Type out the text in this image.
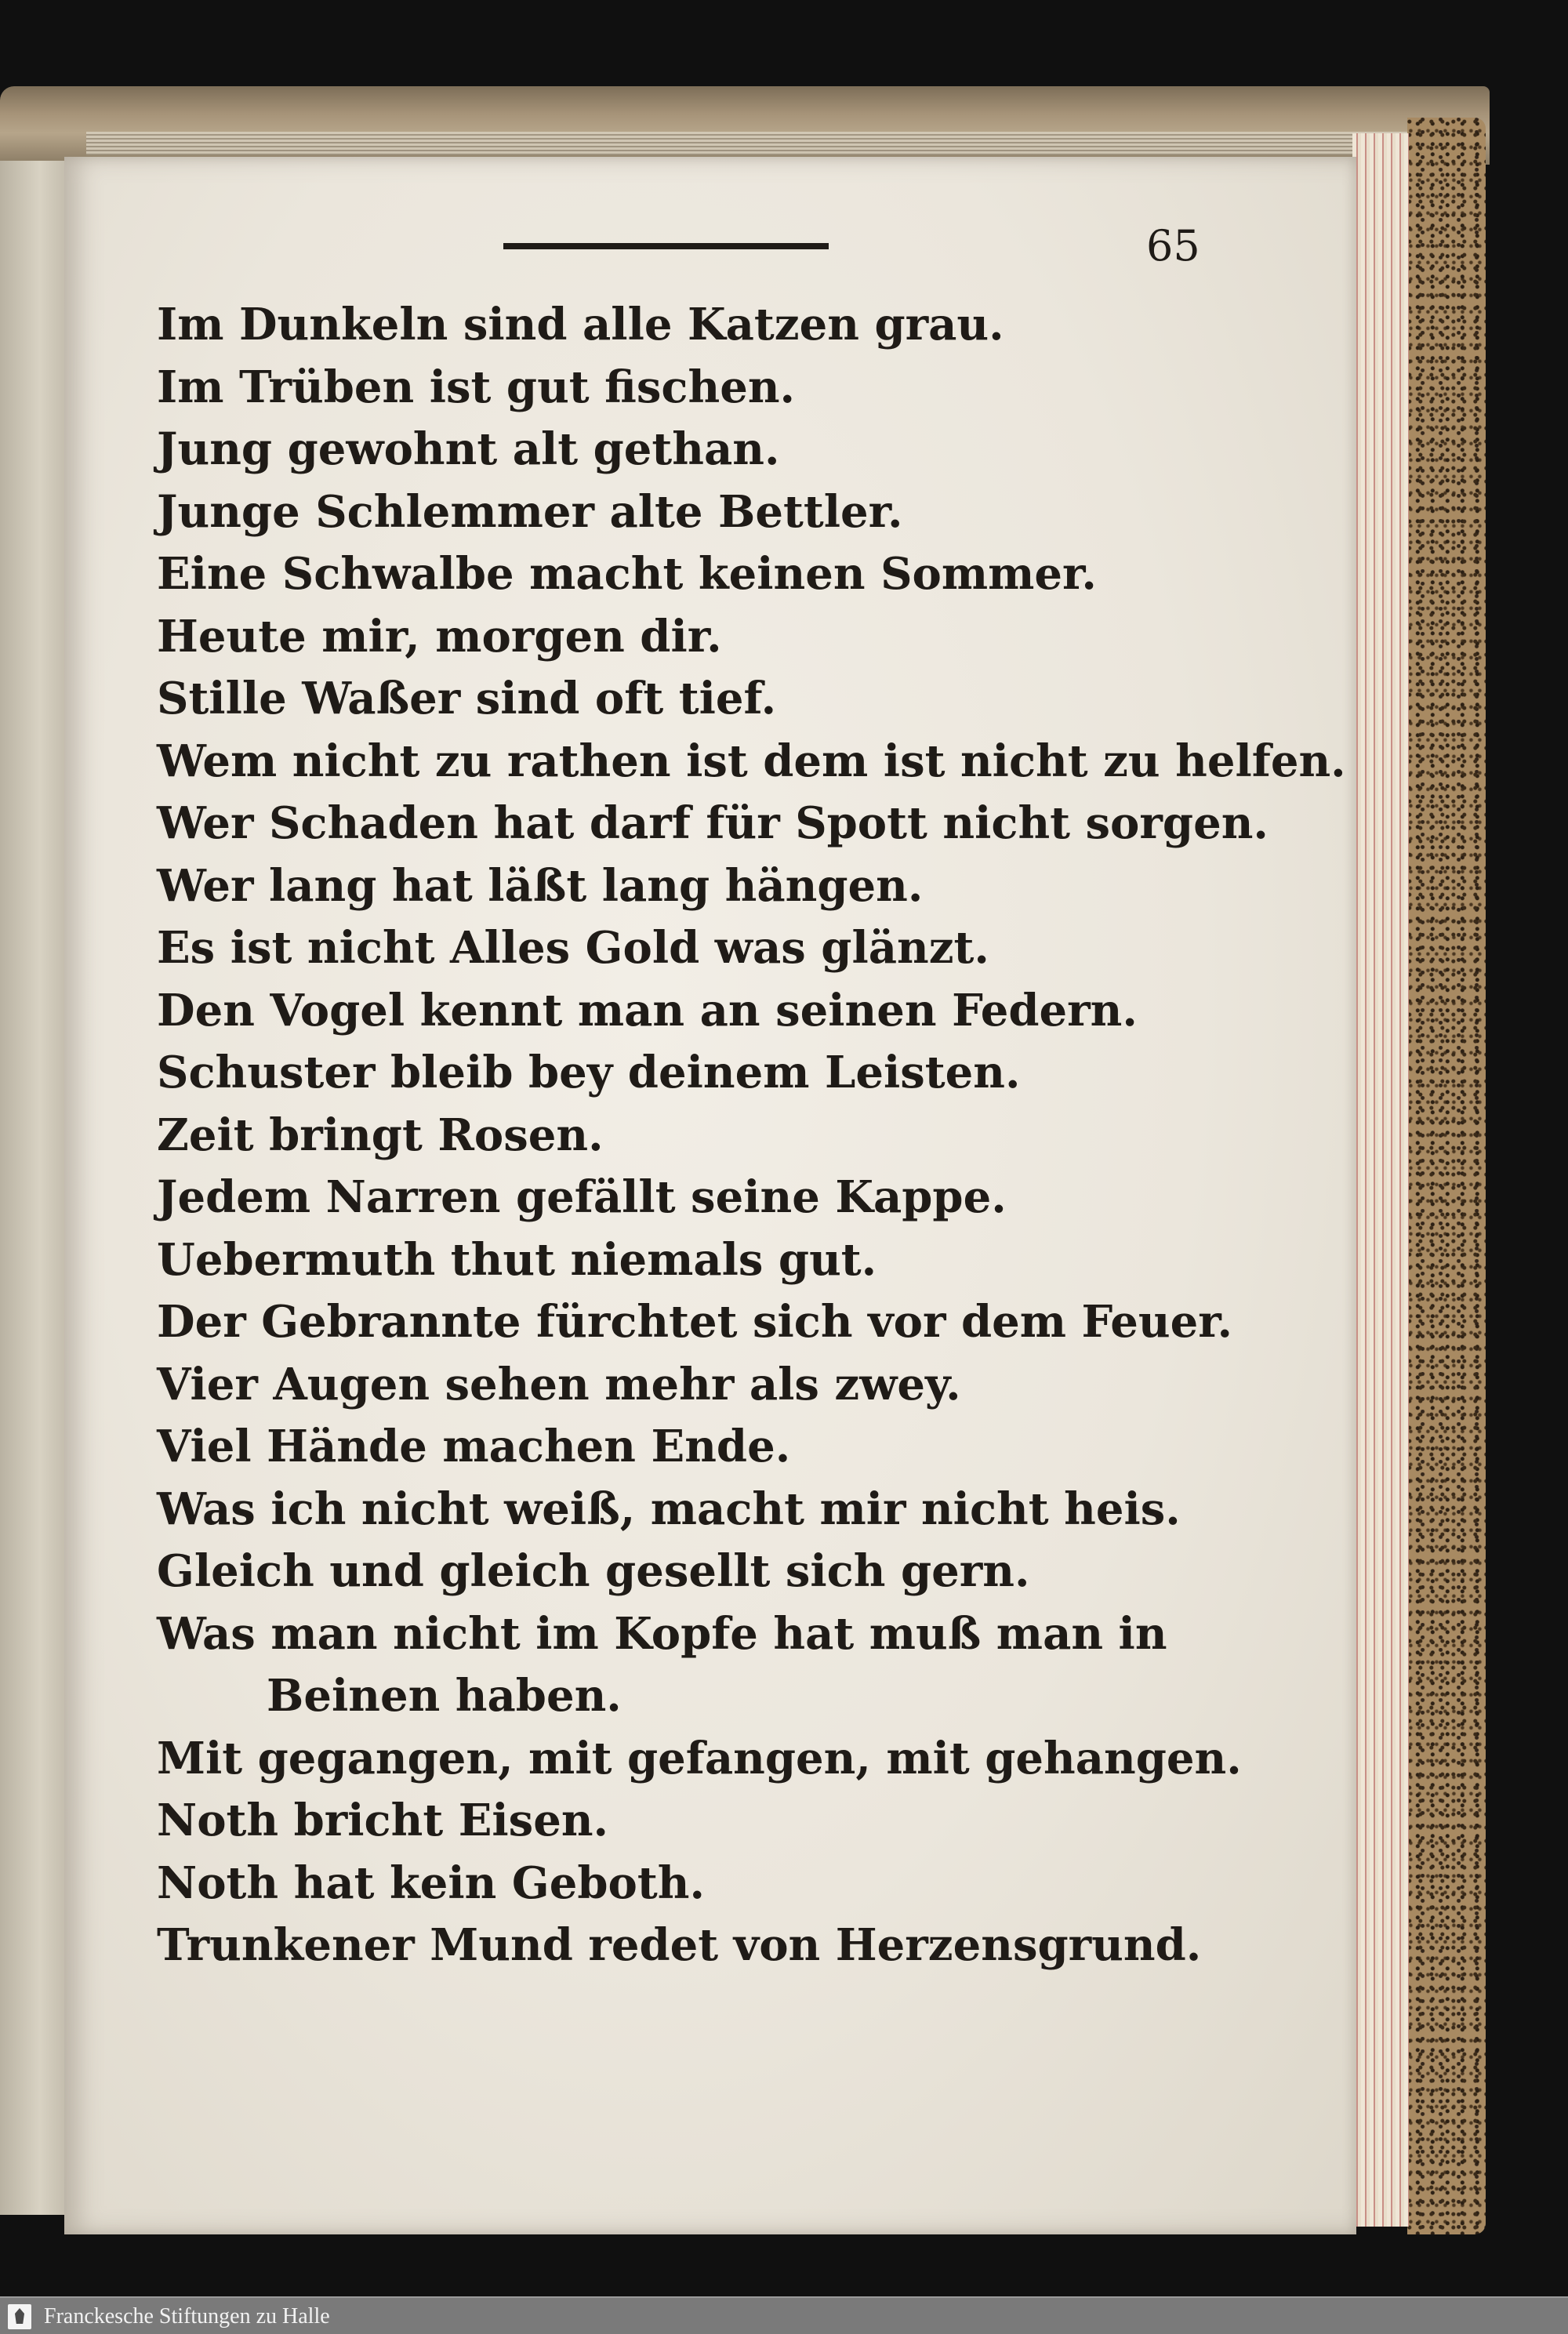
65
Im Dunkeln sind alle Katzen grau.
Im Trüben ist gut fischen.
Jung gewohnt alt gethan.
Junge Schlemmer alte Bettler.
Eine Schwalbe macht keinen Sommer.
Heute mir, morgen dir.
Stille Waßer sind oft tief.
Wem nicht zu rathen ist dem ist nicht zu helfen.
Wer Schaden hat darf für Spott nicht sorgen.
Wer lang hat läßt lang hängen.
Es ist nicht Alles Gold was glänzt.
Den Vogel kennt man an seinen Federn.
Schuster bleib bey deinem Leisten.
Zeit bringt Rosen.
Jedem Narren gefällt seine Kappe.
Uebermuth thut niemals gut.
Der Gebrannte fürchtet sich vor dem Feuer.
Vier Augen sehen mehr als zwey.
Viel Hände machen Ende.
Was ich nicht weiß, macht mir nicht heis.
Gleich und gleich gesellt sich gern.
Was man nicht im Kopfe hat muß man in
Beinen haben.
Mit gegangen, mit gefangen, mit gehangen.
Noth bricht Eisen.
Noth hat kein Geboth.
Trunkener Mund redet von Herzensgrund.
Franckesche Stiftungen zu Halle
